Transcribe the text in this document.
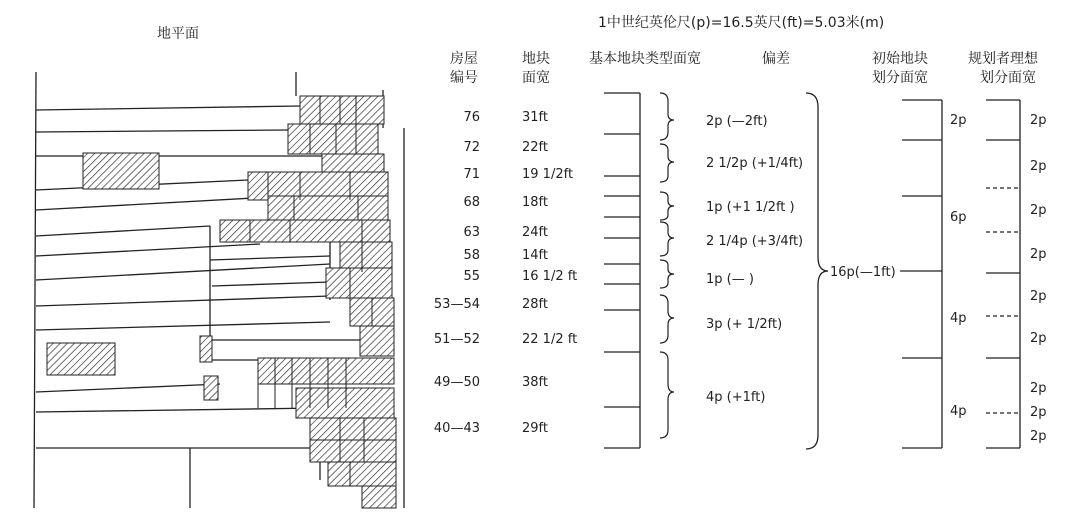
地平面
1中世纪英伦尺(p)=16.5英尺(ft)=5.03米(m)
房屋
编号
地块
面宽
基本地块类型面宽	偏差	初始地块
划分面宽
规划者理想
划分面宽
76	31ft
72	22ft
71	19 1/2ft
68	18ft
63	24ft
58	14ft
55	16 1/2 ft
53—54	28ft
51—52	22 1/2 ft
49—50	38ft
40—43	29ft
2p (—2ft)
2 1/2p (+1/4ft)
1p (+1 1/2ft )
2 1/4p (+3/4ft)
1p (— )
3p (+ 1/2ft)
4p (+1ft)
16p(—1ft)
2p
6p
4p
4p
2p
2p
2p
2p
2p
2p
2p
2p
2p
